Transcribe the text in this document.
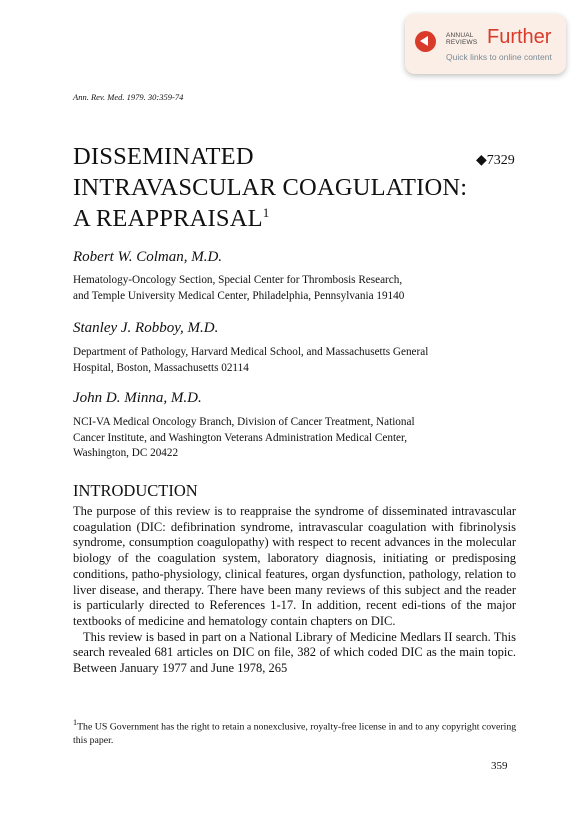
ANNUAL
REVIEWS Further
Quick links to online content
Ann. Rev. Med. 1979. 30:359-74
DISSEMINATED
INTRAVASCULAR COAGULATION:
A REAPPRAISAL$^1$
◆7329
Robert W. Colman, M.D.
Hematology-Oncology Section, Special Center for Thrombosis Research,
and Temple University Medical Center, Philadelphia, Pennsylvania 19140
Stanley J. Robboy, M.D.
Department of Pathology, Harvard Medical School, and Massachusetts General
Hospital, Boston, Massachusetts 02114
John D. Minna, M.D.
NCI-VA Medical Oncology Branch, Division of Cancer Treatment, National
Cancer Institute, and Washington Veterans Administration Medical Center,
Washington, DC 20422
INTRODUCTION

The purpose of this review is to reappraise the syndrome of disseminated intravascular coagulation (DIC: defibrination syndrome, intravascular coagulation with fibrinolysis syndrome, consumption coagulopathy) with respect to recent advances in the molecular biology of the coagulation system, laboratory diagnosis, initiating or predisposing conditions, patho-physiology, clinical features, organ dysfunction, pathology, relation to liver disease, and therapy. There have been many reviews of this subject and the reader is particularly directed to References 1-17. In addition, recent edi-tions of the major textbooks of medicine and hematology contain chapters on DIC.

This review is based in part on a National Library of Medicine Medlars II search. This search revealed 681 articles on DIC on file, 382 of which coded DIC as the main topic. Between January 1977 and June 1978, 265

$^1$The US Government has the right to retain a nonexclusive, royalty-free license in and to any copyright covering this paper.
359
